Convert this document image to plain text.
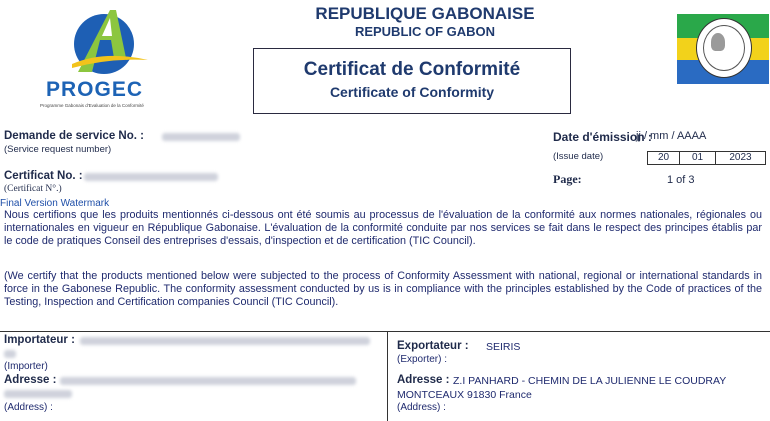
PROGEC
Programme Gabonais d'Evaluation de la Conformité
REPUBLIQUE GABONAISE
REPUBLIC OF GABON
Certificat de Conformité
Certificate of Conformity
Demande de service No. :
(Service request number)
Certificat No. :
(Certificat N°.)
Date d'émission :
jj / mm / AAAA
(Issue date)	20	01	2023
Page:	1 of 3
Final Version Watermark
Nous certifions que les produits mentionnés ci-dessous ont été soumis au processus de l'évaluation de la conformité aux normes nationales, régionales ou internationales en vigueur en République Gabonaise. L'évaluation de la conformité conduite par nos services se fait dans le respect des principes établis par le code de pratiques Conseil des entreprises d'essais, d'inspection et de certification (TIC Council).
(We certify that the products mentioned below were subjected to the process of Conformity Assessment with national, regional or international standards in force in the Gabonese Republic. The conformity assessment conducted by us is in compliance with the principles established by the Code of practices of the Testing, Inspection and Certification companies Council (TIC Council).
Importateur :
(Importer)
Adresse :
(Address) :
Exportateur : SEIRIS
(Exporter) :
Adresse : Z.I PANHARD - CHEMIN DE LA JULIENNE LE COUDRAY
MONTCEAUX 91830 France
(Address) :
